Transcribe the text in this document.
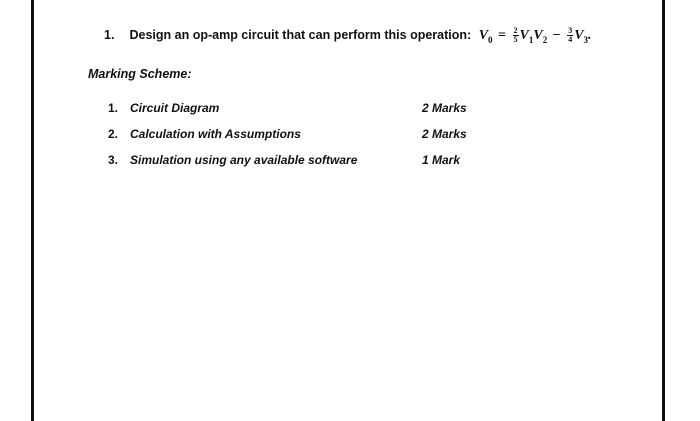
1. Design an op-amp circuit that can perform this operation: $V_0 = \frac{2}{5} V_1V_2 - \frac{3}{4} V_3$.
Marking Scheme:
1. Circuit Diagram	2 Marks
2. Calculation with Assumptions	2 Marks
3. Simulation using any available software	1 Mark
